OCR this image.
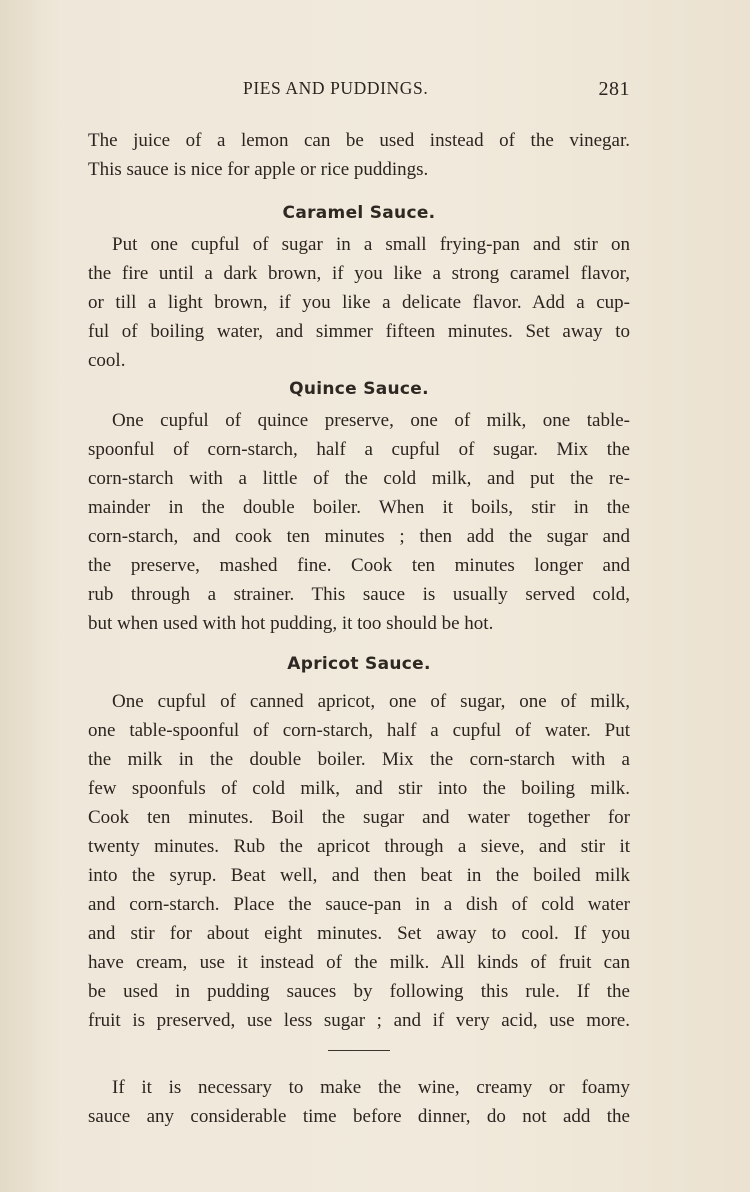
PIES AND PUDDINGS.	281
The juice of a lemon can be used instead of the vinegar.
This sauce is nice for apple or rice puddings.
Caramel Sauce.
Put one cupful of sugar in a small frying-pan and stir on
the fire until a dark brown, if you like a strong caramel flavor,
or till a light brown, if you like a delicate flavor. Add a cup-
ful of boiling water, and simmer fifteen minutes. Set away to
cool.
Quince Sauce.
One cupful of quince preserve, one of milk, one table-
spoonful of corn-starch, half a cupful of sugar. Mix the
corn-starch with a little of the cold milk, and put the re-
mainder in the double boiler. When it boils, stir in the
corn-starch, and cook ten minutes ; then add the sugar and
the preserve, mashed fine. Cook ten minutes longer and
rub through a strainer. This sauce is usually served cold,
but when used with hot pudding, it too should be hot.
Apricot Sauce.
One cupful of canned apricot, one of sugar, one of milk,
one table-spoonful of corn-starch, half a cupful of water. Put
the milk in the double boiler. Mix the corn-starch with a
few spoonfuls of cold milk, and stir into the boiling milk.
Cook ten minutes. Boil the sugar and water together for
twenty minutes. Rub the apricot through a sieve, and stir it
into the syrup. Beat well, and then beat in the boiled milk
and corn-starch. Place the sauce-pan in a dish of cold water
and stir for about eight minutes. Set away to cool. If you
have cream, use it instead of the milk. All kinds of fruit can
be used in pudding sauces by following this rule. If the
fruit is preserved, use less sugar ; and if very acid, use more.
If it is necessary to make the wine, creamy or foamy
sauce any considerable time before dinner, do not add the
